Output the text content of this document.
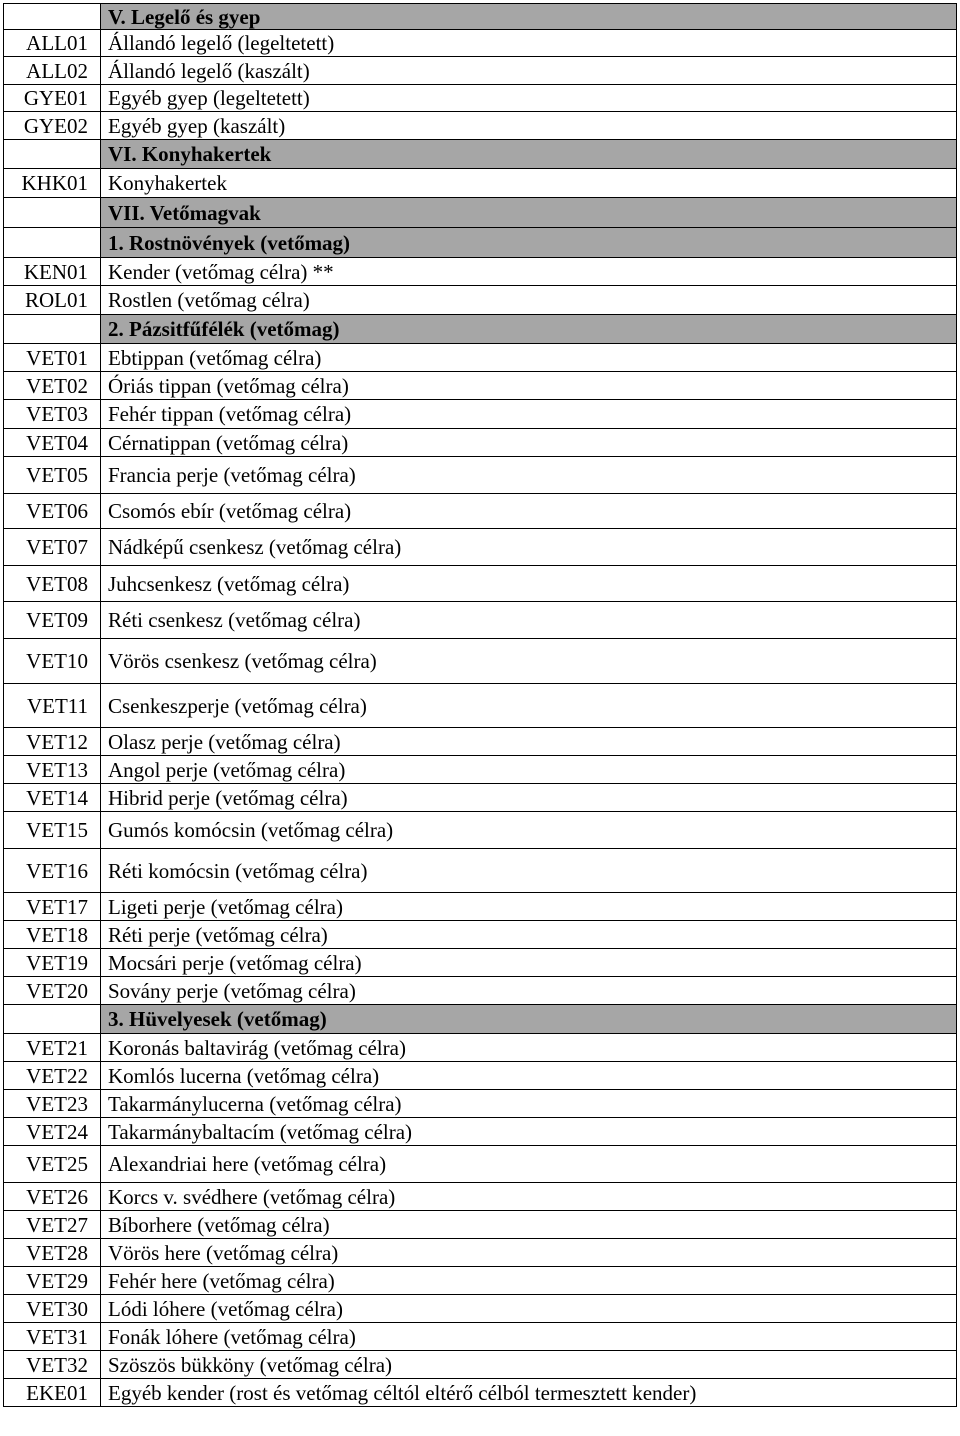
	V. Legelő és gyep
ALL01	Állandó legelő (legeltetett)
ALL02	Állandó legelő (kaszált)
GYE01	Egyéb gyep (legeltetett)
GYE02	Egyéb gyep (kaszált)
	VI. Konyhakertek
KHK01	Konyhakertek
	VII. Vetőmagvak
	1. Rostnövények (vetőmag)
KEN01	Kender (vetőmag célra) **
ROL01	Rostlen (vetőmag célra)
	2. Pázsitfűfélék (vetőmag)
VET01	Ebtippan (vetőmag célra)
VET02	Óriás tippan (vetőmag célra)
VET03	Fehér tippan (vetőmag célra)
VET04	Cérnatippan (vetőmag célra)
VET05	Francia perje (vetőmag célra)
VET06	Csomós ebír (vetőmag célra)
VET07	Nádképű csenkesz (vetőmag célra)
VET08	Juhcsenkesz (vetőmag célra)
VET09	Réti csenkesz (vetőmag célra)
VET10	Vörös csenkesz (vetőmag célra)
VET11	Csenkeszperje (vetőmag célra)
VET12	Olasz perje (vetőmag célra)
VET13	Angol perje (vetőmag célra)
VET14	Hibrid perje (vetőmag célra)
VET15	Gumós komócsin (vetőmag célra)
VET16	Réti komócsin (vetőmag célra)
VET17	Ligeti perje (vetőmag célra)
VET18	Réti perje (vetőmag célra)
VET19	Mocsári perje (vetőmag célra)
VET20	Sovány perje (vetőmag célra)
	3. Hüvelyesek (vetőmag)
VET21	Koronás baltavirág (vetőmag célra)
VET22	Komlós lucerna (vetőmag célra)
VET23	Takarmánylucerna (vetőmag célra)
VET24	Takarmánybaltacím (vetőmag célra)
VET25	Alexandriai here (vetőmag célra)
VET26	Korcs v. svédhere (vetőmag célra)
VET27	Bíborhere (vetőmag célra)
VET28	Vörös here (vetőmag célra)
VET29	Fehér here (vetőmag célra)
VET30	Lódi lóhere (vetőmag célra)
VET31	Fonák lóhere (vetőmag célra)
VET32	Szöszös bükköny (vetőmag célra)
EKE01	Egyéb kender (rost és vetőmag céltól eltérő célból termesztett kender)
